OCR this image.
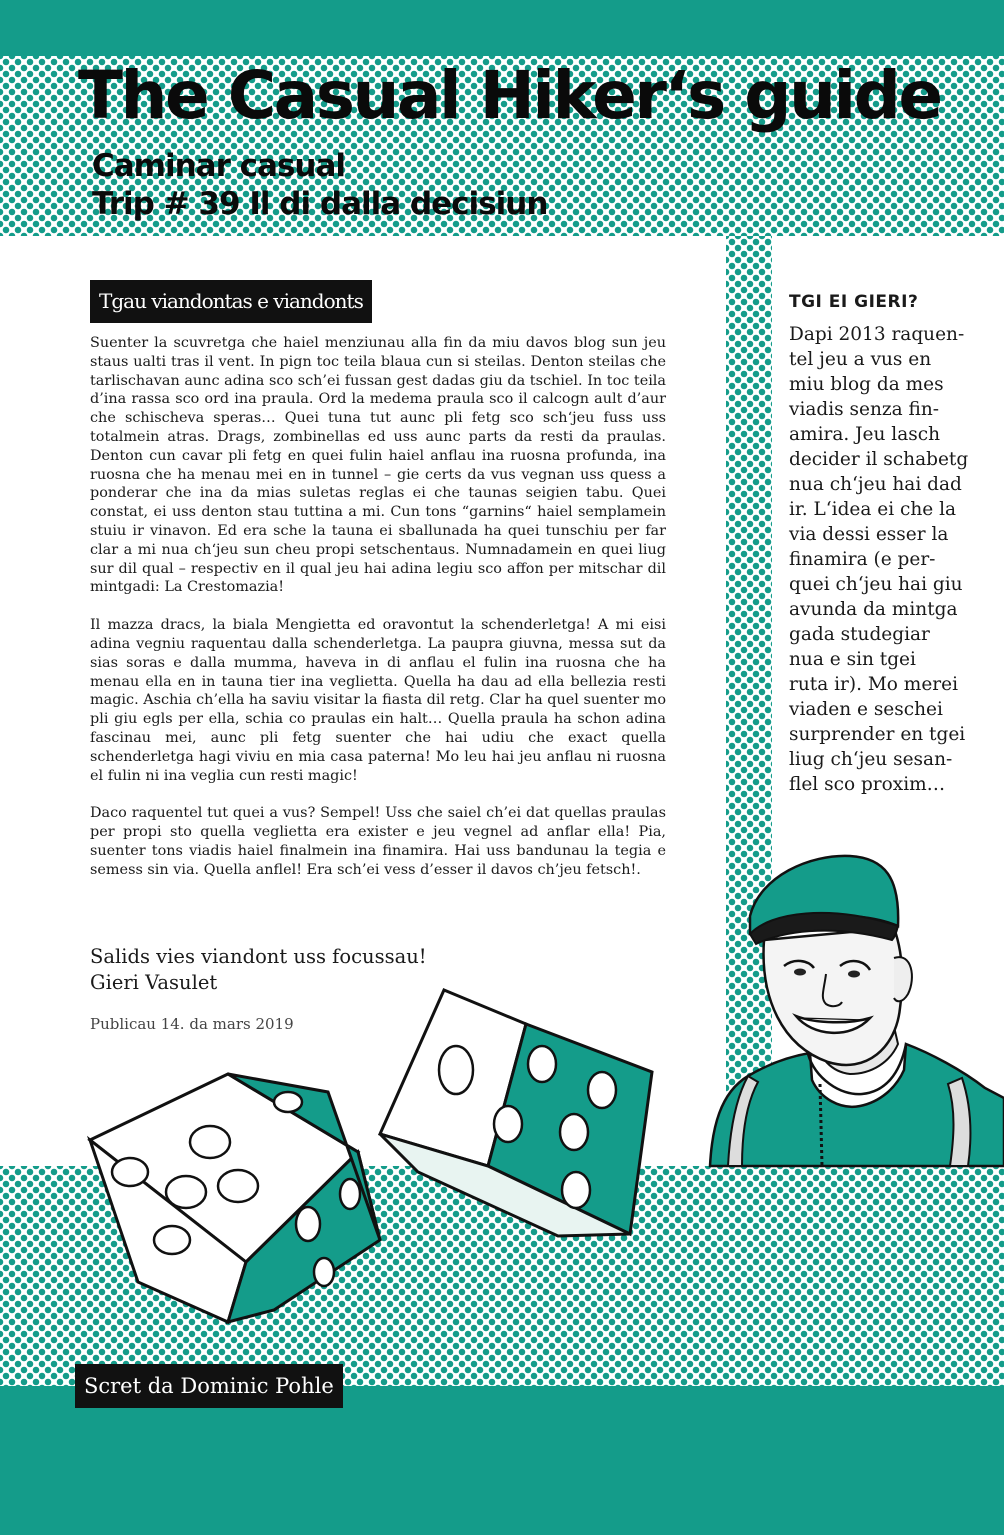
The Casual Hiker‘s guide
Caminar casual
Trip # 39 Il di dalla decisiun
Tgau viandontas e viandonts

Suenter la scuvretga che haiel menziunau alla fin da miu davos blog sun jeu staus ualti tras il vent. In pign toc teila blaua cun si steilas. Denton steilas che tarlischavan aunc adina sco sch’ei fussan gest dadas giu da tschiel. In toc teila d’ina rassa sco ord ina praula. Ord la medema praula sco il calcogn ault d’aur che schischeva speras… Quei tuna tut aunc pli fetg sco sch‘jeu fuss uss totalmein atras. Drags, zombinellas ed uss aunc parts da resti da praulas. Denton cun cavar pli fetg en quei fulin haiel anflau ina ruosna profunda, ina ruosna che ha menau mei en in tunnel – gie certs da vus vegnan uss quess a ponderar che ina da mias suletas reglas ei che taunas seigien tabu. Quei constat, ei uss denton stau tuttina a mi. Cun tons “garnins“ haiel semplamein stuiu ir vinavon. Ed era sche la tauna ei sballunada ha quei tunschiu per far clar a mi nua ch‘jeu sun cheu propi setschentaus. Numnadamein en quei liug sur dil qual – respectiv en il qual jeu hai adina legiu sco affon per mitschar dil mintgadi: La Crestomazia!

Il mazza dracs, la biala Mengietta ed oravontut la schenderletga! A mi eisi adina vegniu raquentau dalla schenderletga. La paupra giuvna, messa sut da sias soras e dalla mumma, haveva in di anflau el fulin ina ruosna che ha menau ella en in tauna tier ina veglietta. Quella ha dau ad ella bellezia resti magic. Aschia ch’ella ha saviu visitar la fiasta dil retg. Clar ha quel suenter mo pli giu egls per ella, schia co praulas ein halt… Quella praula ha schon adina fascinau mei, aunc pli fetg suenter che hai udiu che exact quella schenderletga hagi viviu en mia casa paterna! Mo leu hai jeu anflau ni ruosna el fulin ni ina veglia cun resti magic!

Daco raquentel tut quei a vus? Sempel! Uss che saiel ch’ei dat quellas praulas per propi sto quella veglietta era exister e jeu vegnel ad anflar ella! Pia, suenter tons viadis haiel finalmein ina finamira. Hai uss bandunau la tegia e semess sin via. Quella anflel! Era sch’ei vess d’esser il davos ch’jeu fetsch!.

Salids vies viandont uss focussau!
Gieri Vasulet
Publicau 14. da mars 2019
TGI EI GIERI?
Dapi 2013 raquen-
tel jeu a vus en
miu blog da mes
viadis senza fin-
amira. Jeu lasch
decider il schabetg
nua ch‘jeu hai dad
ir. L‘idea ei che la
via dessi esser la
finamira (e per-
quei ch‘jeu hai giu
avunda da mintga
gada studegiar
nua e sin tgei
ruta ir). Mo merei
viaden e seschei
surprender en tgei
liug ch‘jeu sesan-
flel sco proxim…
Scret da Dominic Pohle
